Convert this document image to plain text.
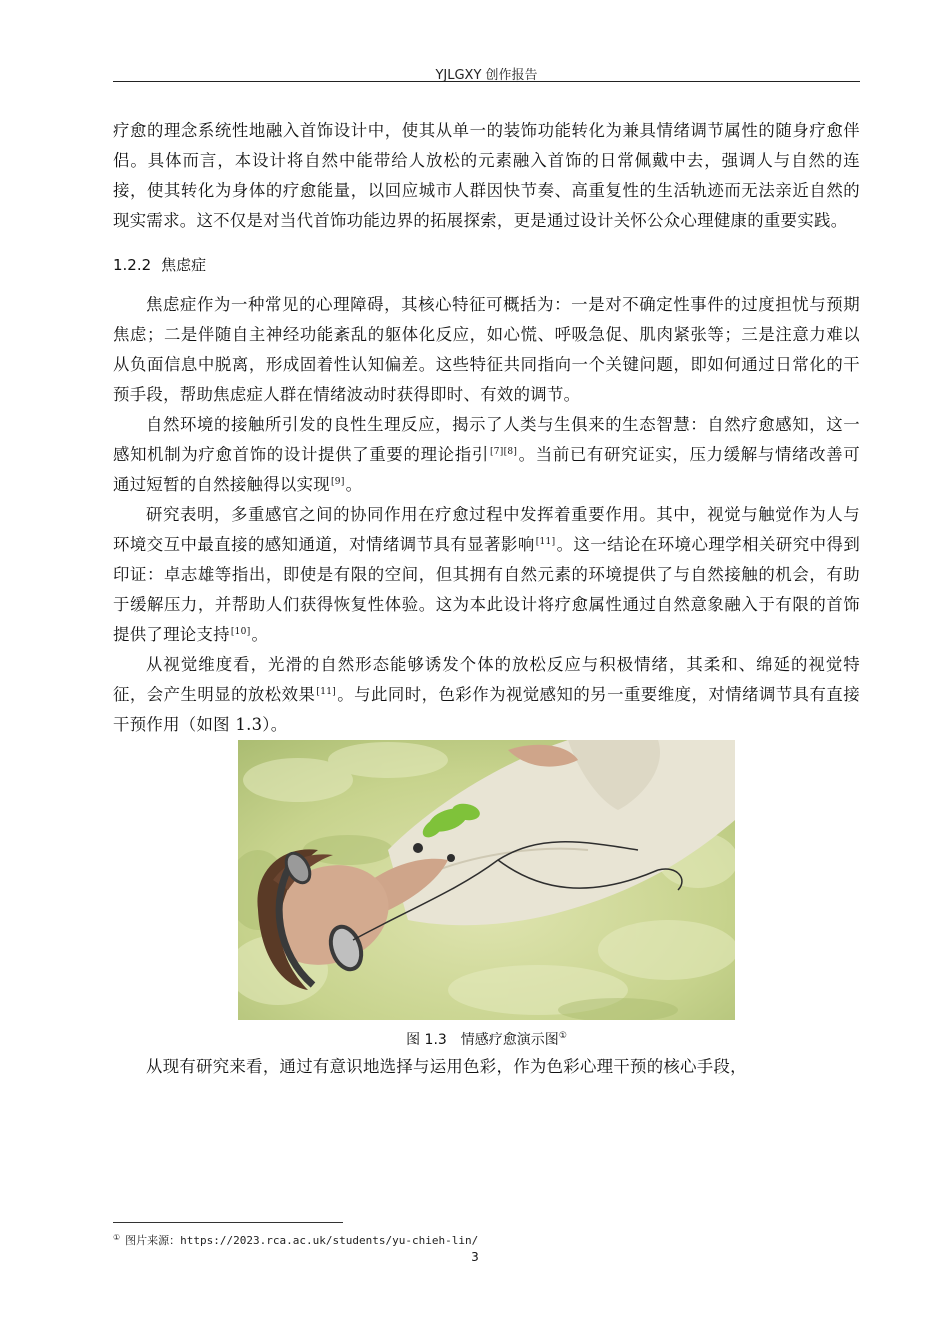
YJLGXY 创作报告

疗愈的理念系统性地融入首饰设计中，使其从单一的装饰功能转化为兼具情绪调节属性的随身疗愈伴侣。具体而言，本设计将自然中能带给人放松的元素融入首饰的日常佩戴中去，强调人与自然的连接，使其转化为身体的疗愈能量，以回应城市人群因快节奏、高重复性的生活轨迹而无法亲近自然的现实需求。这不仅是对当代首饰功能边界的拓展探索，更是通过设计关怀公众心理健康的重要实践。

1.2.2 焦虑症

焦虑症作为一种常见的心理障碍，其核心特征可概括为：一是对不确定性事件的过度担忧与预期焦虑；二是伴随自主神经功能紊乱的躯体化反应，如心慌、呼吸急促、肌肉紧张等；三是注意力难以从负面信息中脱离，形成固着性认知偏差。这些特征共同指向一个关键问题，即如何通过日常化的干预手段，帮助焦虑症人群在情绪波动时获得即时、有效的调节。

自然环境的接触所引发的良性生理反应，揭示了人类与生俱来的生态智慧：自然疗愈感知，这一感知机制为疗愈首饰的设计提供了重要的理论指引[7][8]。当前已有研究证实，压力缓解与情绪改善可通过短暂的自然接触得以实现[9]。

研究表明，多重感官之间的协同作用在疗愈过程中发挥着重要作用。其中，视觉与触觉作为人与环境交互中最直接的感知通道，对情绪调节具有显著影响[11]。这一结论在环境心理学相关研究中得到印证：卓志雄等指出，即使是有限的空间，但其拥有自然元素的环境提供了与自然接触的机会，有助于缓解压力，并帮助人们获得恢复性体验。这为本此设计将疗愈属性通过自然意象融入于有限的首饰提供了理论支持[10]。

从视觉维度看，光滑的自然形态能够诱发个体的放松反应与积极情绪，其柔和、绵延的视觉特征，会产生明显的放松效果[11]。与此同时，色彩作为视觉感知的另一重要维度，对情绪调节具有直接干预作用（如图 1.3）。

图 1.3　情感疗愈演示图①

从现有研究来看，通过有意识地选择与运用色彩，作为色彩心理干预的核心手段，

① 图片来源：https://2023.rca.ac.uk/students/yu-chieh-lin/
3
